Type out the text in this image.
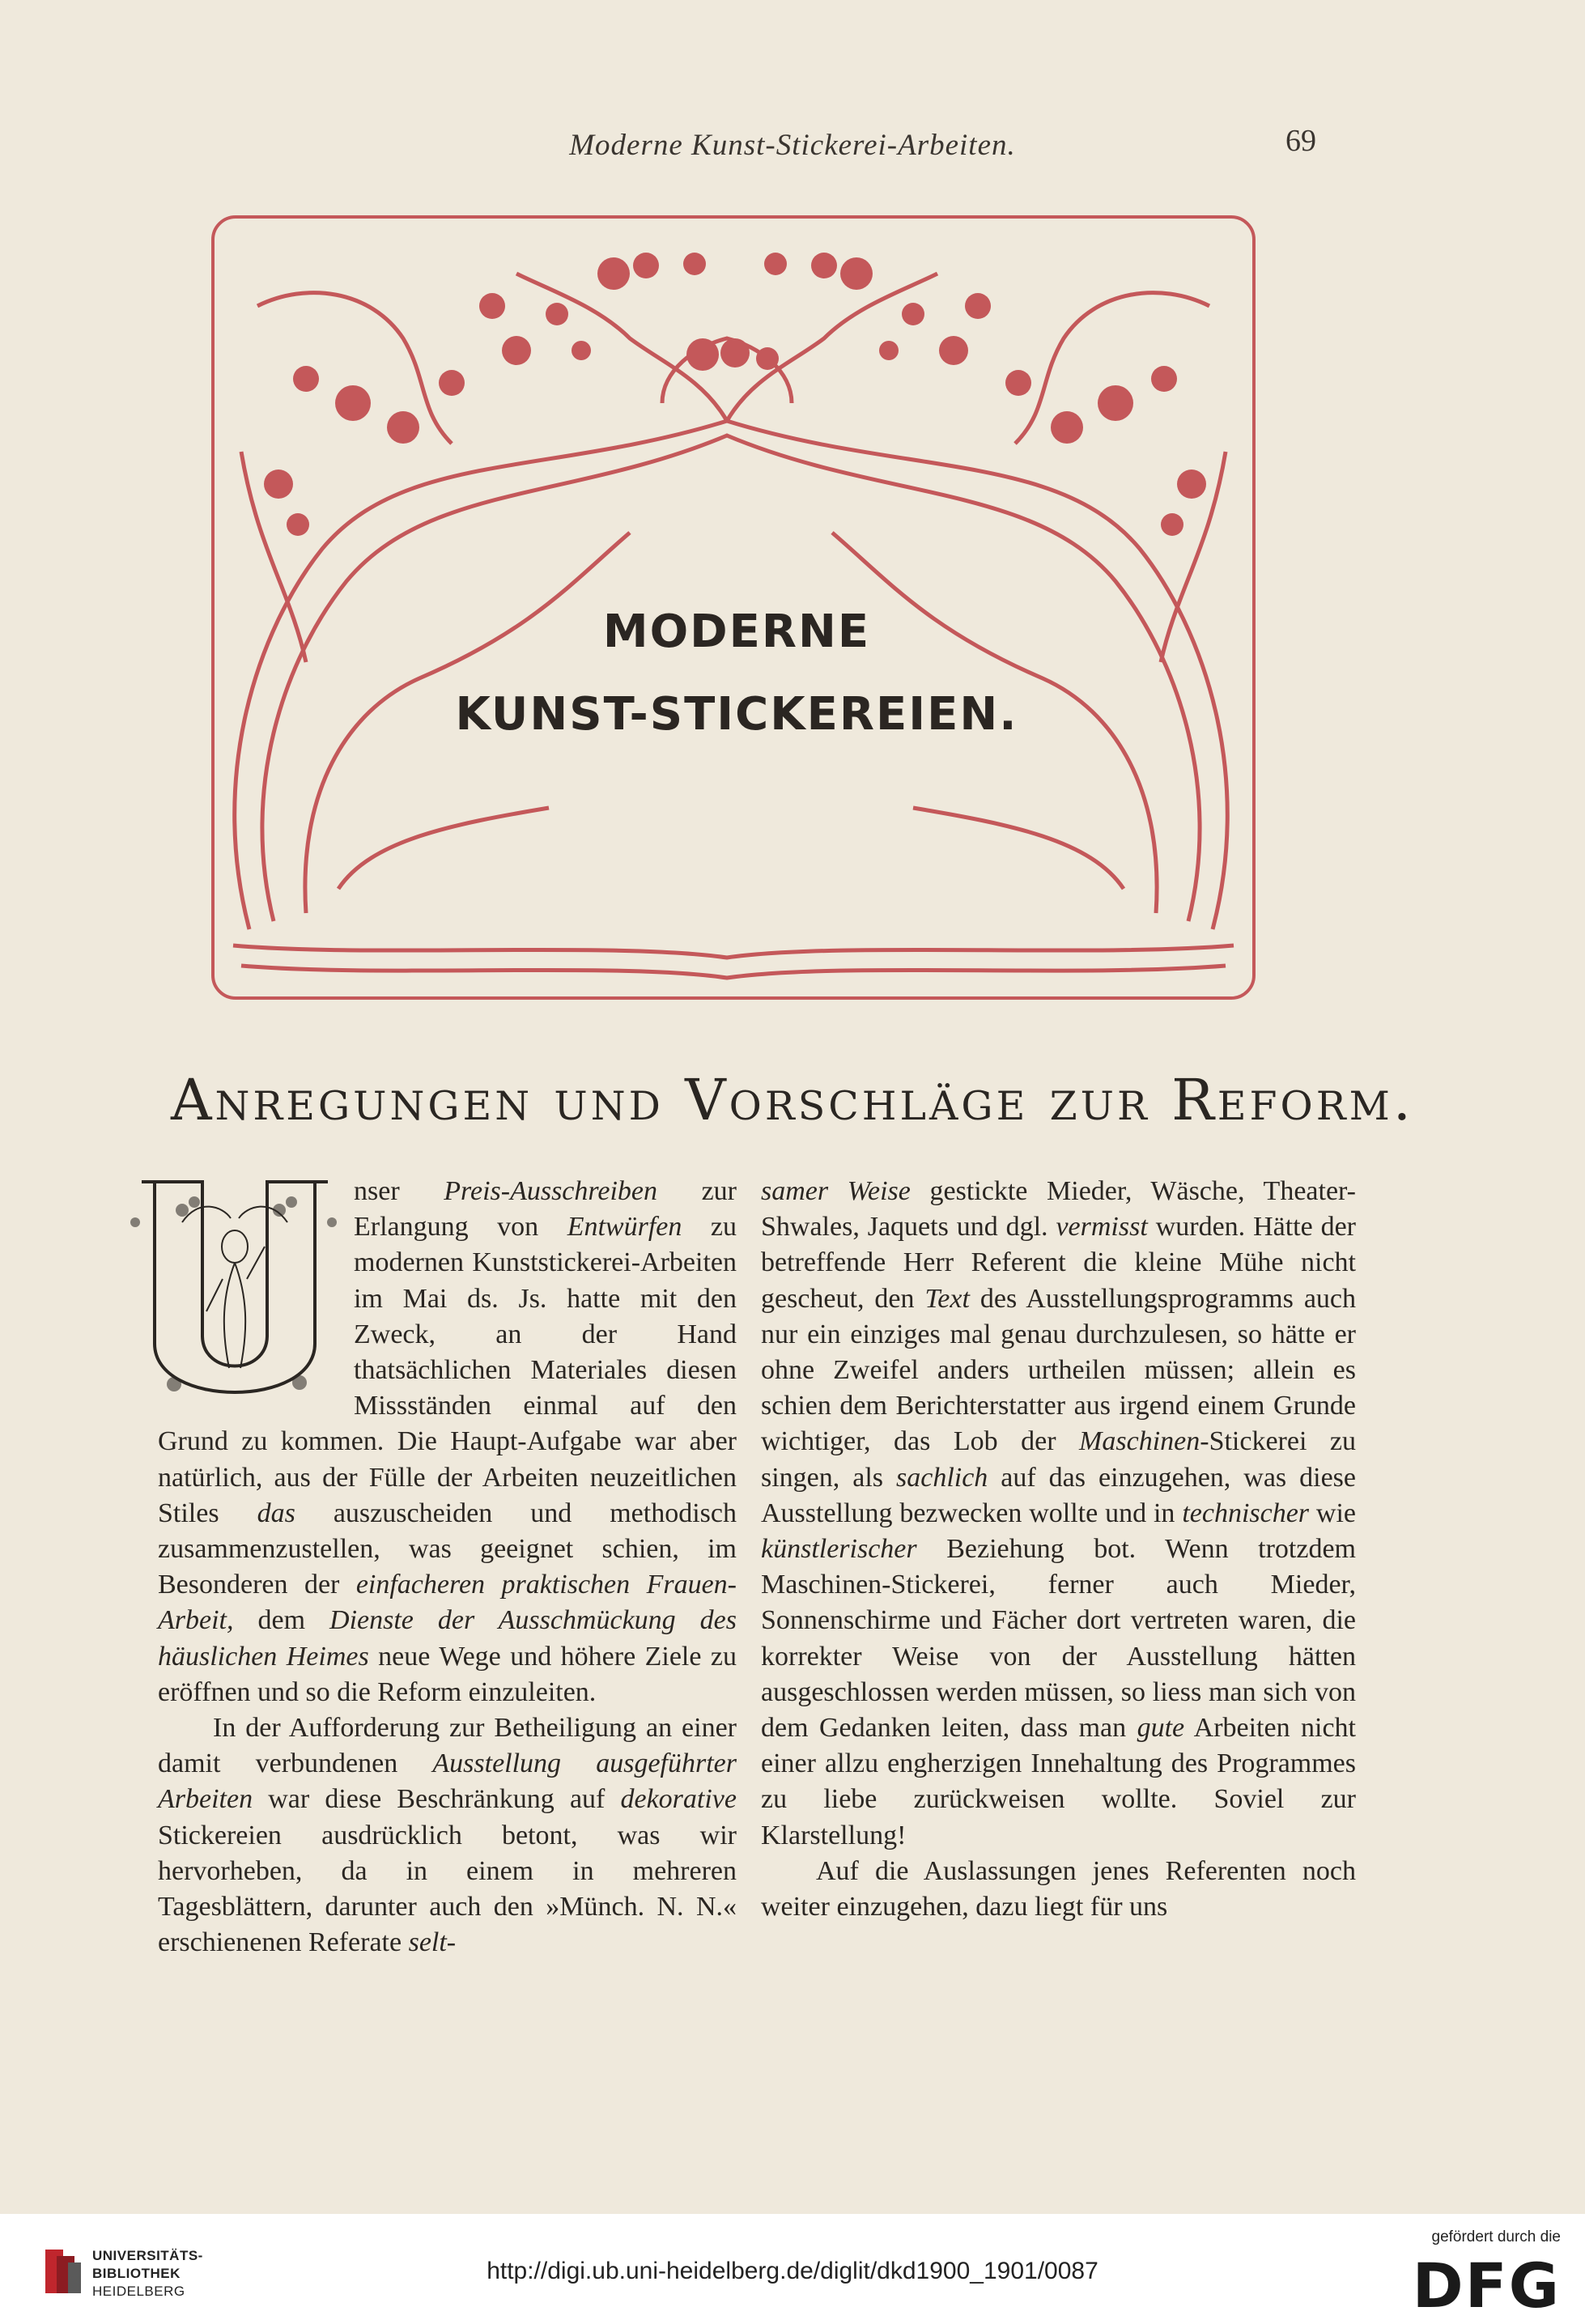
Moderne Kunst-Stickerei-Arbeiten.	69
MODERNE
KUNST-STICKEREIEN.
Anregungen und Vorschläge zur Reform.

nser Preis-Ausschreiben zur Erlangung von Entwürfen zu modernen Kunststickerei-Arbeiten im Mai ds. Js. hatte mit den Zweck, an der Hand thatsächlichen Materiales diesen Missständen einmal auf den Grund zu kommen. Die Haupt-Aufgabe war aber natürlich, aus der Fülle der Arbeiten neuzeitlichen Stiles das auszuscheiden und methodisch zusammenzustellen, was geeignet schien, im Besonderen der einfacheren praktischen Frauen-Arbeit, dem Dienste der Ausschmückung des häuslichen Heimes neue Wege und höhere Ziele zu eröffnen und so die Reform einzuleiten.

In der Aufforderung zur Betheiligung an einer damit verbundenen Ausstellung ausgeführter Arbeiten war diese Beschränkung auf dekorative Stickereien ausdrücklich betont, was wir hervorheben, da in einem in mehreren Tagesblättern, darunter auch den »Münch. N. N.« erschienenen Referate selt-

samer Weise gestickte Mieder, Wäsche, Theater-Shwales, Jaquets und dgl. vermisst wurden. Hätte der betreffende Herr Referent die kleine Mühe nicht gescheut, den Text des Ausstellungsprogramms auch nur ein einziges mal genau durchzulesen, so hätte er ohne Zweifel anders urtheilen müssen; allein es schien dem Berichterstatter aus irgend einem Grunde wichtiger, das Lob der Maschinen-Stickerei zu singen, als sachlich auf das einzugehen, was diese Ausstellung bezwecken wollte und in technischer wie künstlerischer Beziehung bot. Wenn trotzdem Maschinen-Stickerei, ferner auch Mieder, Sonnenschirme und Fächer dort vertreten waren, die korrekter Weise von der Ausstellung hätten ausgeschlossen werden müssen, so liess man sich von dem Gedanken leiten, dass man gute Arbeiten nicht einer allzu engherzigen Innehaltung des Programmes zu liebe zurückweisen wollte. Soviel zur Klarstellung!

Auf die Auslassungen jenes Referenten noch weiter einzugehen, dazu liegt für uns

UNIVERSITÄTS-
BIBLIOTHEK
HEIDELBERG
http://digi.ub.uni-heidelberg.de/diglit/dkd1900_1901/0087
gefördert durch die
DFG
